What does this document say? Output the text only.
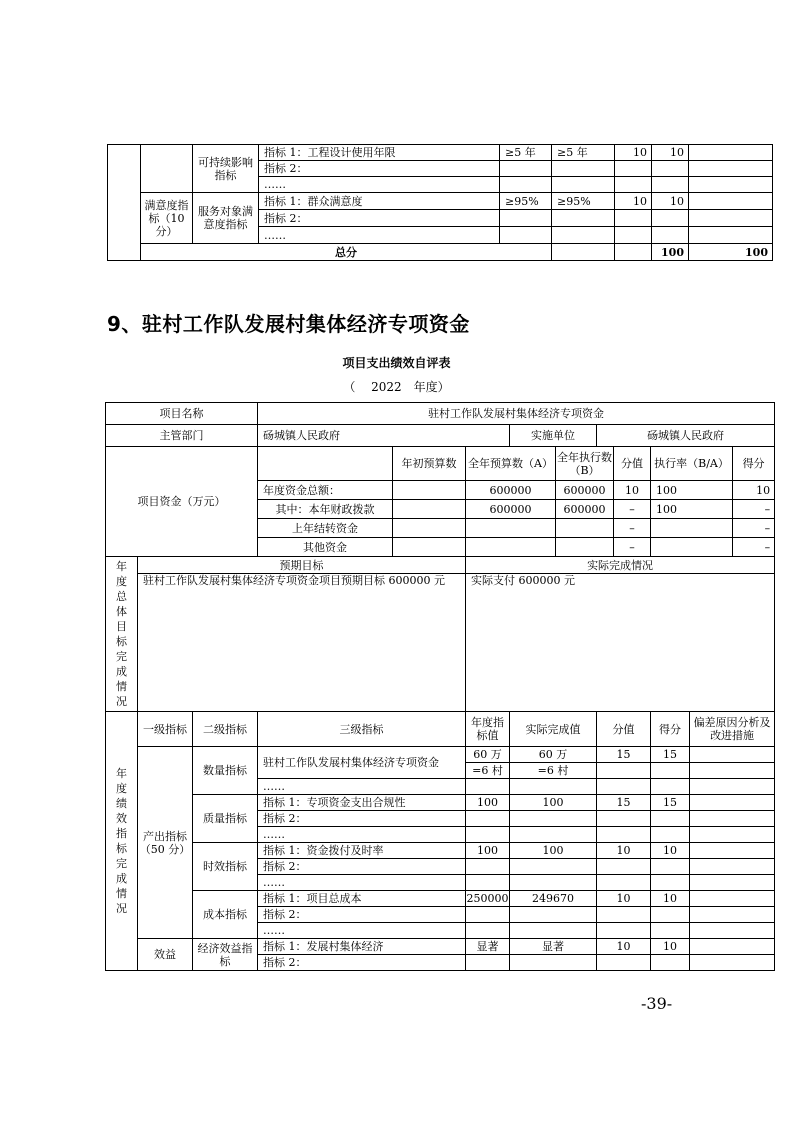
		可持续影响指标	指标 1：工程设计使用年限	≥5 年	≥5 年	10	10		
			指标 2：						
			……						
	满意度指标（10 分）	服务对象满意度指标	指标 1：群众满意度	≥95%	≥95%	10	10		
			指标 2：						
			……						
	总分						100	100	
9、驻村工作队发展村集体经济专项资金
项目支出绩效自评表
（　 2022　年度）
项目名称			驻村工作队发展村集体经济专项资金									
主管部门			砀城镇人民政府			实施单位		砀城镇人民政府				
项目资金（万元）				年初预算数	全年预算数（A）		全年执行数（B）		分值	执行率（B/A）		得分
			年度资金总额：		600000		600000		10	100		10
			其中：本年财政拨款		600000		600000		–	100		–
			上年结转资金						–			–
			其他资金						–			–

年度总体目标完成情况	预期目标				实际完成情况							
	驻村工作队发展村集体经济专项资金项目预期目标 600000 元				实际支付 600000 元							

年度绩效指标完成情况	一级指标	二级指标	三级指标		年度指标值	实际完成值		分值		得分	偏差原因分析及改进措施	
	产出指标（50 分）	数量指标	驻村工作队发展村集体经济专项资金		60 万	60 万		15		15		
					=6 村	=6 村						
			……									
		质量指标	指标 1：专项资金支出合规性		100	100		15		15		
			指标 2：									
			……									
		时效指标	指标 1：资金拨付及时率		100	100		10		10		
			指标 2：									
			……									
		成本指标	指标 1：项目总成本		250000	249670		10		10		
			指标 2：									
			……									
	效益	经济效益指标	指标 1：发展村集体经济		显著	显著		10		10		
			指标 2：									
-39-
